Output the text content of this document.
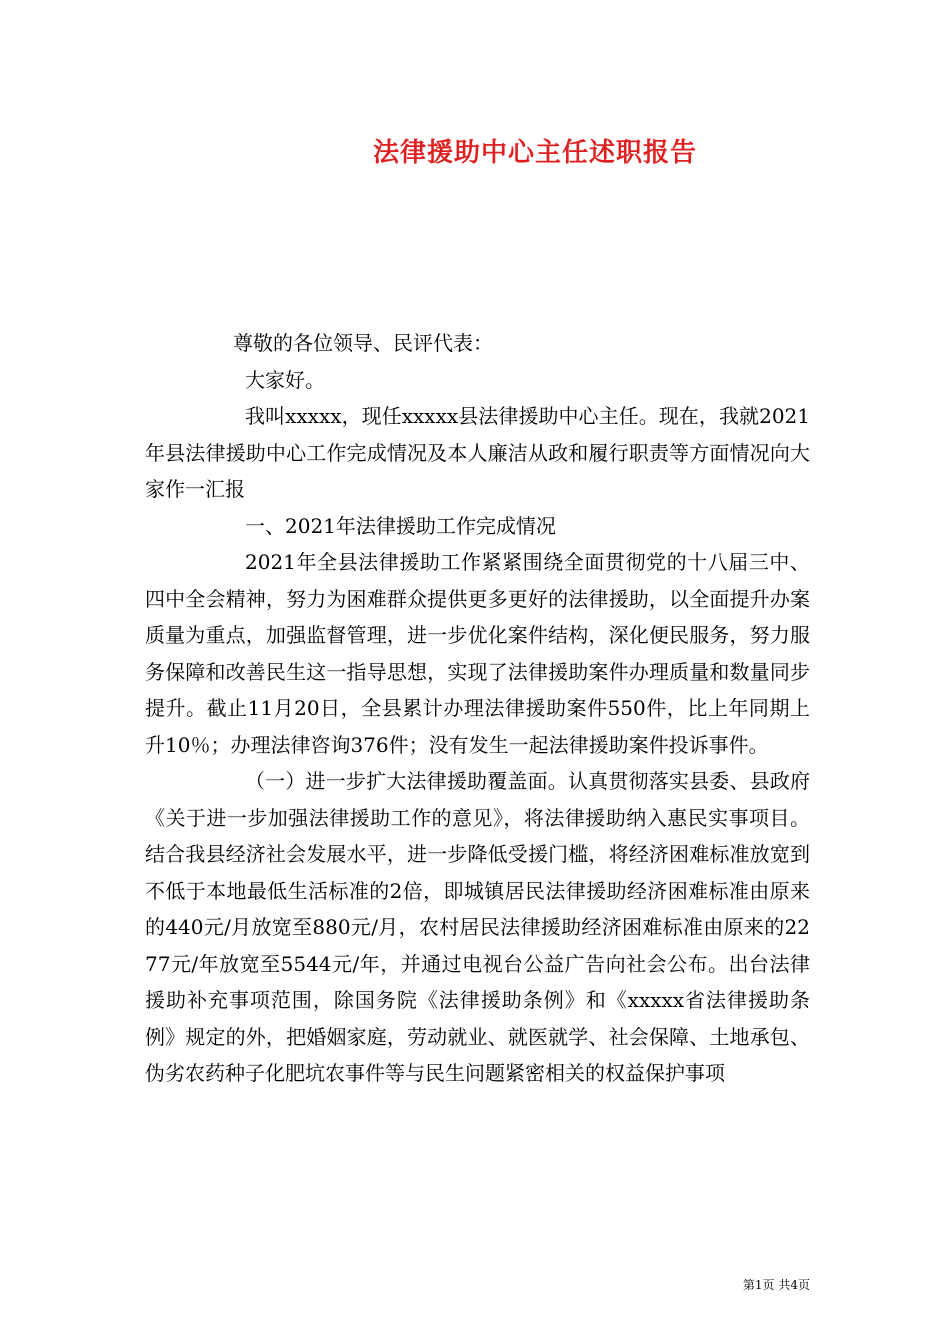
法律援助中心主任述职报告

尊敬的各位领导、民评代表：

大家好。

我叫xxxxx，现任xxxxx县法律援助中心主任。现在，我就2021年县法律援助中心工作完成情况及本人廉洁从政和履行职责等方面情况向大家作一汇报

一、2021年法律援助工作完成情况

2021年全县法律援助工作紧紧围绕全面贯彻党的十八届三中、四中全会精神，努力为困难群众提供更多更好的法律援助，以全面提升办案质量为重点，加强监督管理，进一步优化案件结构，深化便民服务，努力服务保障和改善民生这一指导思想，实现了法律援助案件办理质量和数量同步提升。截止11月20日，全县累计办理法律援助案件550件，比上年同期上升10％；办理法律咨询376件；没有发生一起法律援助案件投诉事件。

（一）进一步扩大法律援助覆盖面。认真贯彻落实县委、县政府《关于进一步加强法律援助工作的意见》，将法律援助纳入惠民实事项目。结合我县经济社会发展水平，进一步降低受援门槛，将经济困难标准放宽到不低于本地最低生活标准的2倍，即城镇居民法律援助经济困难标准由原来的440元/月放宽至880元/月，农村居民法律援助经济困难标准由原来的2277元/年放宽至5544元/年，并通过电视台公益广告向社会公布。出台法律援助补充事项范围，除国务院《法律援助条例》和《xxxxx省法律援助条例》规定的外，把婚姻家庭，劳动就业、就医就学、社会保障、土地承包、伪劣农药种子化肥坑农事件等与民生问题紧密相关的权益保护事项

第1页 共4页
